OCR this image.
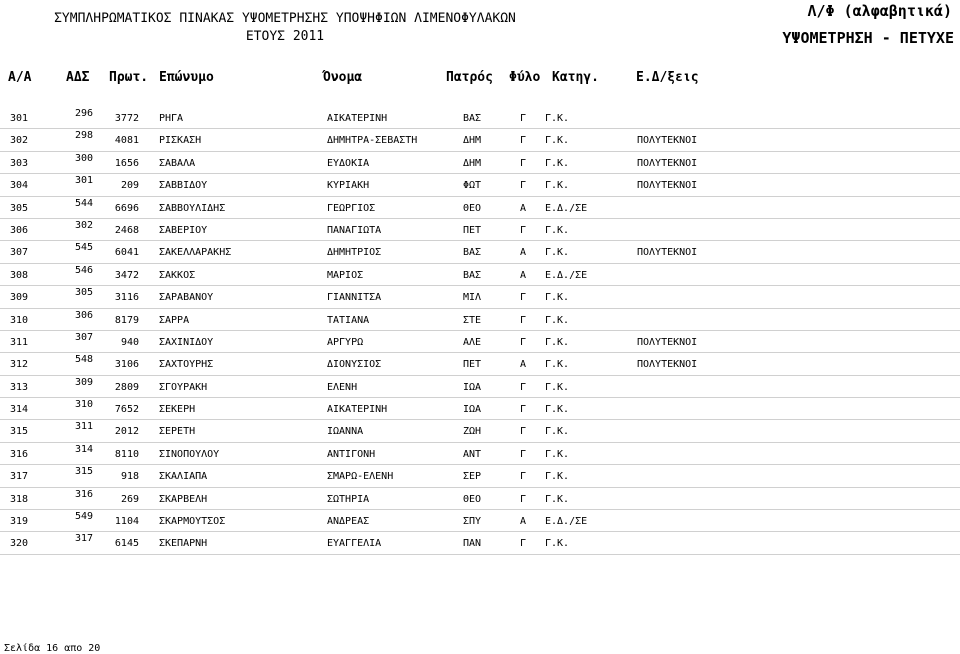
ΣΥΜΠΛΗΡΩΜΑΤΙΚΟΣ ΠΙΝΑΚΑΣ ΥΨΟΜΕΤΡΗΣΗΣ ΥΠΟΨΗΦΙΩΝ ΛΙΜΕΝΟΦΥΛΑΚΩΝ
ΕΤΟΥΣ 2011
Λ/Φ (αλφαβητικά)
ΥΨΟΜΕΤΡΗΣΗ - ΠΕΤΥΧΕ
Α/Α	ΑΔΣ Πρωτ. Επώνυμο	Όνομα	Πατρός Φύλο Κατηγ.	Ε.Δ/ξεις
301	296 3772 ΡΗΓΑ	ΑΙΚΑΤΕΡΙΝΗ	ΒΑΣ	Γ Γ.Κ.
302	298 4081 ΡΙΣΚΑΣΗ	ΔΗΜΗΤΡΑ-ΣΕΒΑΣΤΗ	ΔΗΜ	Γ Γ.Κ.	ΠΟΛΥΤΕΚΝΟΙ
303	300 1656 ΣΑΒΑΛΑ	ΕΥΔΟΚΙΑ	ΔΗΜ	Γ Γ.Κ.	ΠΟΛΥΤΕΚΝΟΙ
304	301	209 ΣΑΒΒΙΔΟΥ	ΚΥΡΙΑΚΗ	ΦΩΤ	Γ Γ.Κ.	ΠΟΛΥΤΕΚΝΟΙ
305	544 6696 ΣΑΒΒΟΥΛΙΔΗΣ	ΓΕΩΡΓΙΟΣ	ΘΕΟ	Α Ε.Δ./ΣΕ
306	302 2468 ΣΑΒΕΡΙΟΥ	ΠΑΝΑΓΙΩΤΑ	ΠΕΤ	Γ Γ.Κ.
307	545 6041 ΣΑΚΕΛΛΑΡΑΚΗΣ	ΔΗΜΗΤΡΙΟΣ	ΒΑΣ	Α Γ.Κ.	ΠΟΛΥΤΕΚΝΟΙ
308	546 3472 ΣΑΚΚΟΣ	ΜΑΡΙΟΣ	ΒΑΣ	Α Ε.Δ./ΣΕ
309	305 3116 ΣΑΡΑΒΑΝΟΥ	ΓΙΑΝΝΙΤΣΑ	ΜΙΛ	Γ Γ.Κ.
310	306 8179 ΣΑΡΡΑ	ΤΑΤΙΑΝΑ	ΣΤΕ	Γ Γ.Κ.
311	307	940 ΣΑΧΙΝΙΔΟΥ	ΑΡΓΥΡΩ	ΑΛΕ	Γ Γ.Κ.	ΠΟΛΥΤΕΚΝΟΙ
312	548 3106 ΣΑΧΤΟΥΡΗΣ	ΔΙΟΝΥΣΙΟΣ	ΠΕΤ	Α Γ.Κ.	ΠΟΛΥΤΕΚΝΟΙ
313	309 2809 ΣΓΟΥΡΑΚΗ	ΕΛΕΝΗ	ΙΩΑ	Γ Γ.Κ.
314	310 7652 ΣΕΚΕΡΗ	ΑΙΚΑΤΕΡΙΝΗ	ΙΩΑ	Γ Γ.Κ.
315	311 2012 ΣΕΡΕΤΗ	ΙΩΑΝΝΑ	ΖΩΗ	Γ Γ.Κ.
316	314 8110 ΣΙΝΟΠΟΥΛΟΥ	ΑΝΤΙΓΟΝΗ	ΑΝΤ	Γ Γ.Κ.
317	315	918 ΣΚΑΛΙΑΠΑ	ΣΜΑΡΩ-ΕΛΕΝΗ	ΣΕΡ	Γ Γ.Κ.
318	316	269 ΣΚΑΡΒΕΛΗ	ΣΩΤΗΡΙΑ	ΘΕΟ	Γ Γ.Κ.
319	549 1104 ΣΚΑΡΜΟΥΤΣΟΣ	ΑΝΔΡΕΑΣ	ΣΠΥ	Α Ε.Δ./ΣΕ
320	317 6145 ΣΚΕΠΑΡΝΗ	ΕΥΑΓΓΕΛΙΑ	ΠΑΝ	Γ Γ.Κ.
Σελίδα 16 απο 20
